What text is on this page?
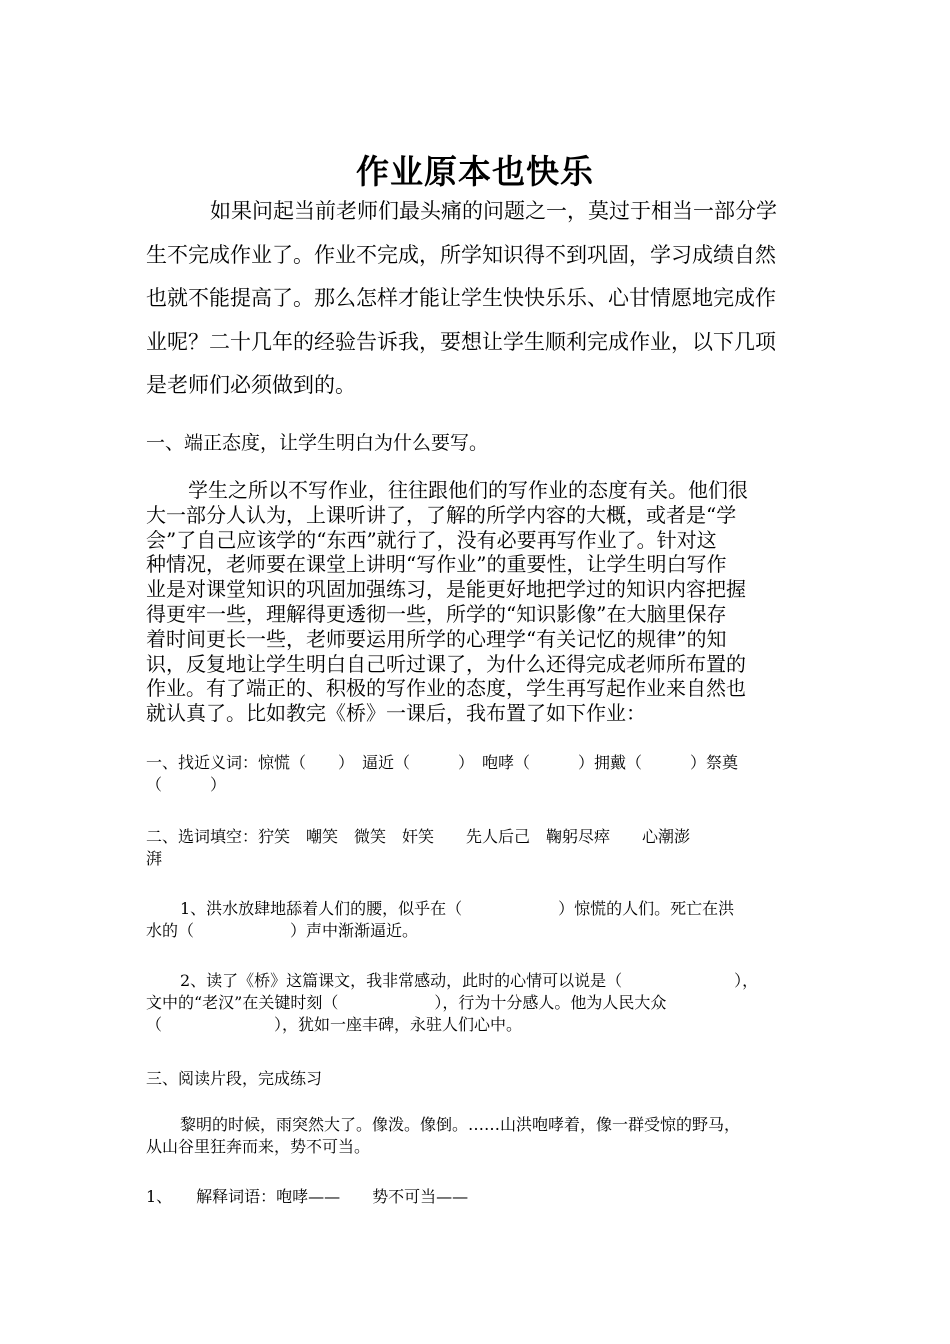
作业原本也快乐
如果问起当前老师们最头痛的问题之一，莫过于相当一部分学
生不完成作业了。作业不完成，所学知识得不到巩固，学习成绩自然
也就不能提高了。那么怎样才能让学生快快乐乐、心甘情愿地完成作
业呢？二十几年的经验告诉我，要想让学生顺利完成作业，以下几项
是老师们必须做到的。
一、端正态度，让学生明白为什么要写。
学生之所以不写作业，往往跟他们的写作业的态度有关。他们很
大一部分人认为，上课听讲了，了解的所学内容的大概，或者是“学
会”了自己应该学的“东西”就行了，没有必要再写作业了。针对这
种情况，老师要在课堂上讲明“写作业”的重要性，让学生明白写作
业是对课堂知识的巩固加强练习，是能更好地把学过的知识内容把握
得更牢一些，理解得更透彻一些，所学的“知识影像”在大脑里保存
着时间更长一些，老师要运用所学的心理学“有关记忆的规律”的知
识，反复地让学生明白自己听过课了，为什么还得完成老师所布置的
作业。有了端正的、积极的写作业的态度，学生再写起作业来自然也
就认真了。比如教完《桥》一课后，我布置了如下作业：
一、找近义词：惊慌（　　）　逼近（　　　）　咆哮（　　　）拥戴（　　　）祭奠
（　　　）
二、选词填空：狞笑　嘲笑　微笑　奸笑　　先人后己　鞠躬尽瘁　　心潮澎
湃
1、洪水放肆地舔着人们的腰，似乎在（　　　　　　）惊慌的人们。死亡在洪
水的（　　　　　　）声中渐渐逼近。
2、读了《桥》这篇课文，我非常感动，此时的心情可以说是（　　　　　　　），
文中的“老汉”在关键时刻（　　　　　　），行为十分感人。他为人民大众
（　　　　　　　），犹如一座丰碑，永驻人们心中。
三、阅读片段，完成练习
黎明的时候，雨突然大了。像泼。像倒。……山洪咆哮着，像一群受惊的野马，
从山谷里狂奔而来，势不可当。
1、　　解释词语：咆哮——　　势不可当——
